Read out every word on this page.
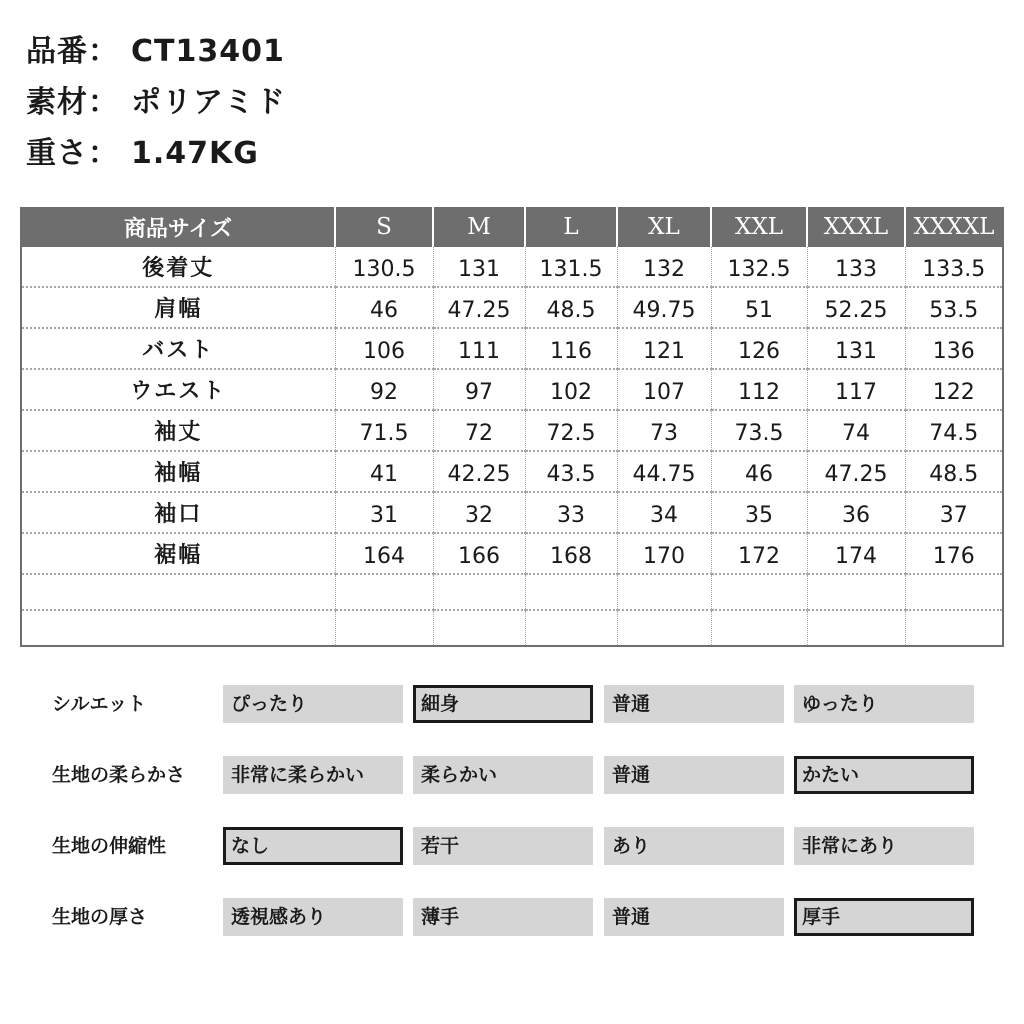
品番： CT13401
素材： ポリアミド
重さ： 1.47KG
商品サイズ	S	M	L	XL	XXL	XXXL	XXXXL
後着丈	130.5	131	131.5	132	132.5	133	133.5
肩幅	46	47.25	48.5	49.75	51	52.25	53.5
バスト	106	111	116	121	126	131	136
ウエスト	92	97	102	107	112	117	122
袖丈	71.5	72	72.5	73	73.5	74	74.5
袖幅	41	42.25	43.5	44.75	46	47.25	48.5
袖口	31	32	33	34	35	36	37
裾幅	164	166	168	170	172	174	176

シルエット	ぴったり	細身	普通	ゆったり
生地の柔らかさ	非常に柔らかい	柔らかい	普通	かたい
生地の伸縮性	なし	若干	あり	非常にあり
生地の厚さ	透視感あり	薄手	普通	厚手
